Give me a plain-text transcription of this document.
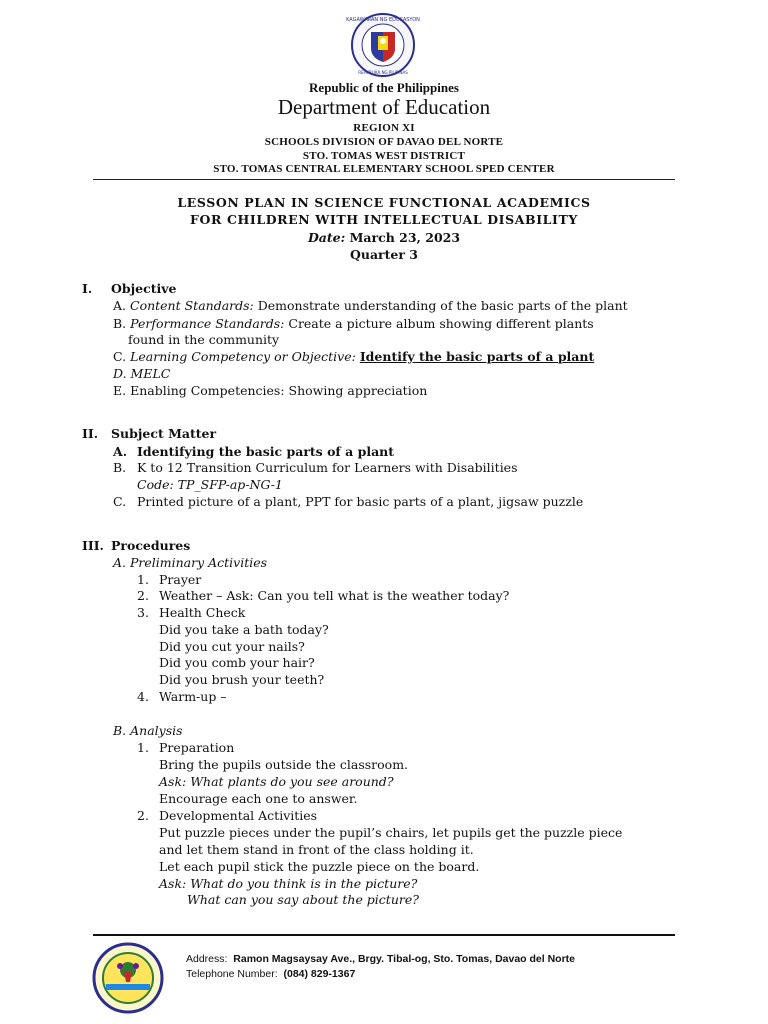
KAGAWARAN NG EDUKASYON
REPUBLIKA NG PILIPINAS
Republic of the Philippines
Department of Education
REGION XI
SCHOOLS DIVISION OF DAVAO DEL NORTE
STO. TOMAS WEST DISTRICT
STO. TOMAS CENTRAL ELEMENTARY SCHOOL SPED CENTER
LESSON PLAN IN SCIENCE FUNCTIONAL ACADEMICS
FOR CHILDREN WITH INTELLECTUAL DISABILITY
Date: March 23, 2023
Quarter 3
I. Objective
A. Content Standards: Demonstrate understanding of the basic parts of the plant
B. Performance Standards: Create a picture album showing different plants
found in the community
C. Learning Competency or Objective: Identify the basic parts of a plant
D. MELC
E. Enabling Competencies: Showing appreciation
II. Subject Matter
A. Identifying the basic parts of a plant
B. K to 12 Transition Curriculum for Learners with Disabilities
Code: TP_SFP-ap-NG-1
C. Printed picture of a plant, PPT for basic parts of a plant, jigsaw puzzle
III. Procedures
A. Preliminary Activities
1. Prayer
2. Weather – Ask: Can you tell what is the weather today?
3. Health Check
Did you take a bath today?
Did you cut your nails?
Did you comb your hair?
Did you brush your teeth?
4. Warm-up –
B. Analysis
1. Preparation
Bring the pupils outside the classroom.
Ask: What plants do you see around?
Encourage each one to answer.
2. Developmental Activities
Put puzzle pieces under the pupil’s chairs, let pupils get the puzzle piece
and let them stand in front of the class holding it.
Let each pupil stick the puzzle piece on the board.
Ask: What do you think is in the picture?
What can you say about the picture?
Address: Ramon Magsaysay Ave., Brgy. Tibal-og, Sto. Tomas, Davao del Norte
Telephone Number: (084) 829-1367
